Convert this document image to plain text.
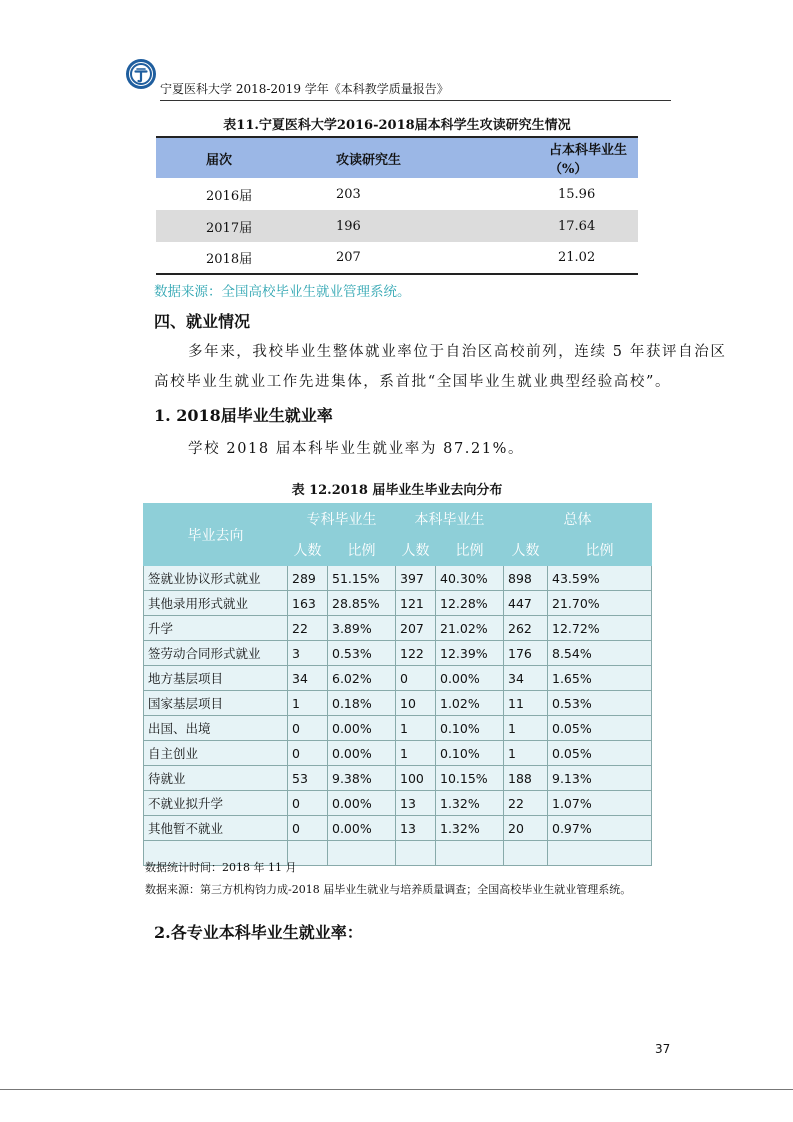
宁夏医科大学 2018-2019 学年《本科教学质量报告》
表11.宁夏医科大学2016-2018届本科学生攻读研究生情况
届次	攻读研究生	占本科毕业生（%）
2016届	203	15.96
2017届	196	17.64
2018届	207	21.02
数据来源：全国高校毕业生就业管理系统。
四、就业情况
多年来，我校毕业生整体就业率位于自治区高校前列，连续 5 年获评自治区
高校毕业生就业工作先进集体，系首批“全国毕业生就业典型经验高校”。
1. 2018届毕业生就业率
学校 2018 届本科毕业生就业率为 87.21%。
表 12.2018 届毕业生毕业去向分布
毕业去向	专科毕业生		本科毕业生		总体	
	人数	比例	人数	比例	人数	比例
签就业协议形式就业	289	51.15%	397	40.30%	898	43.59%
其他录用形式就业	163	28.85%	121	12.28%	447	21.70%
升学	22	3.89%	207	21.02%	262	12.72%
签劳动合同形式就业	3	0.53%	122	12.39%	176	8.54%
地方基层项目	34	6.02%	0	0.00%	34	1.65%
国家基层项目	1	0.18%	10	1.02%	11	0.53%
出国、出境	0	0.00%	1	0.10%	1	0.05%
自主创业	0	0.00%	1	0.10%	1	0.05%
待就业	53	9.38%	100	10.15%	188	9.13%
不就业拟升学	0	0.00%	13	1.32%	22	1.07%
其他暂不就业	0	0.00%	13	1.32%	20	0.97%

数据统计时间：2018 年 11 月
数据来源：第三方机构钧力成-2018 届毕业生就业与培养质量调查；全国高校毕业生就业管理系统。
2.各专业本科毕业生就业率：
37
